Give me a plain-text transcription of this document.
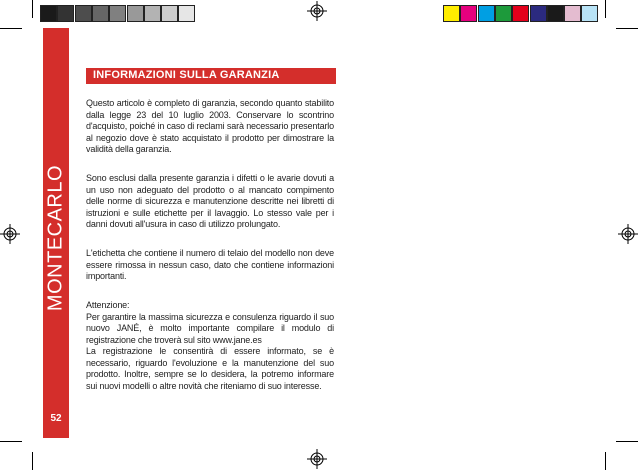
MONTECARLO
52
INFORMAZIONI SULLA GARANZIA
Questo articolo è completo di garanzia, secondo quanto stabilito dalla legge 23 del 10 luglio 2003. Conservare lo scontrino d'acquisto, poiché in caso di reclami sarà necessario presentarlo al negozio dove è stato acquistato il prodotto per dimostrare la validità della garanzia.
Sono esclusi dalla presente garanzia i difetti o le avarie dovuti a un uso non adeguato del prodotto o al mancato compimento delle norme di sicurezza e manutenzione descritte nei libretti di istruzioni e sulle etichette per il lavaggio. Lo stesso vale per i danni dovuti all'usura in caso di utilizzo prolungato.
L'etichetta che contiene il numero di telaio del modello non deve essere rimossa in nessun caso, dato che contiene informazioni importanti.
Attenzione:
Per garantire la massima sicurezza e consulenza riguardo il suo nuovo JANÉ, è molto importante compilare il modulo di registrazione che troverà sul sito www.jane.es
La registrazione le consentirà di essere informato, se è necessario, riguardo l'evoluzione e la manutenzione del suo prodotto. Inoltre, sempre se lo desidera, la potremo informare sui nuovi modelli o altre novità che riteniamo di suo interesse.
